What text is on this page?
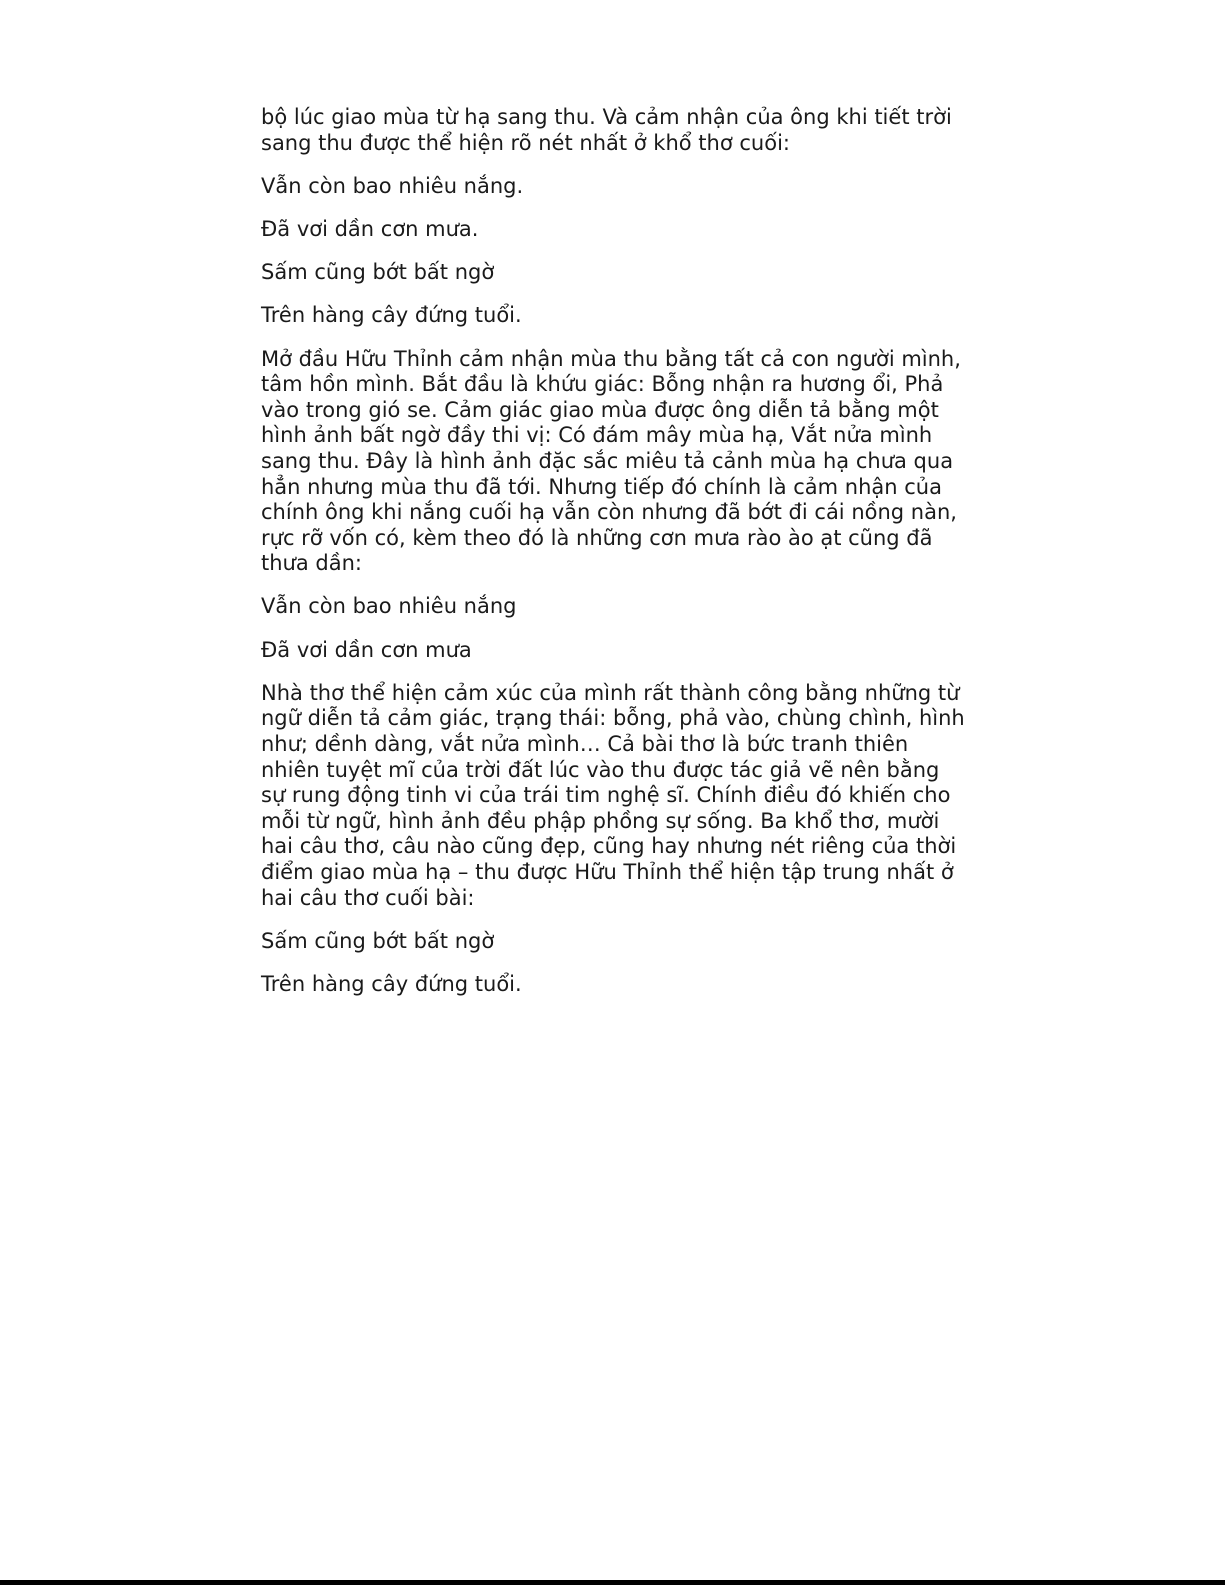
bộ lúc giao mùa từ hạ sang thu. Và cảm nhận của ông khi tiết trời sang thu được thể hiện rõ nét nhất ở khổ thơ cuối:

Vẫn còn bao nhiêu nắng.

Đã vơi dần cơn mưa.

Sấm cũng bớt bất ngờ

Trên hàng cây đứng tuổi.

Mở đầu Hữu Thỉnh cảm nhận mùa thu bằng tất cả con người mình, tâm hồn mình. Bắt đầu là khứu giác: Bỗng nhận ra hương ổi, Phả vào trong gió se. Cảm giác giao mùa được ông diễn tả bằng một hình ảnh bất ngờ đầy thi vị: Có đám mây mùa hạ, Vắt nửa mình sang thu. Đây là hình ảnh đặc sắc miêu tả cảnh mùa hạ chưa qua hẳn nhưng mùa thu đã tới. Nhưng tiếp đó chính là cảm nhận của chính ông khi nắng cuối hạ vẫn còn nhưng đã bớt đi cái nồng nàn, rực rỡ vốn có, kèm theo đó là những cơn mưa rào ào ạt cũng đã thưa dần:

Vẫn còn bao nhiêu nắng

Đã vơi dần cơn mưa

Nhà thơ thể hiện cảm xúc của mình rất thành công bằng những từ ngữ diễn tả cảm giác, trạng thái: bỗng, phả vào, chùng chình, hình như; dềnh dàng, vắt nửa mình… Cả bài thơ là bức tranh thiên nhiên tuyệt mĩ của trời đất lúc vào thu được tác giả vẽ nên bằng sự rung động tinh vi của trái tim nghệ sĩ. Chính điều đó khiến cho mỗi từ ngữ, hình ảnh đều phập phồng sự sống. Ba khổ thơ, mười hai câu thơ, câu nào cũng đẹp, cũng hay nhưng nét riêng của thời điểm giao mùa hạ – thu được Hữu Thỉnh thể hiện tập trung nhất ở hai câu thơ cuối bài:

Sấm cũng bớt bất ngờ

Trên hàng cây đứng tuổi.
